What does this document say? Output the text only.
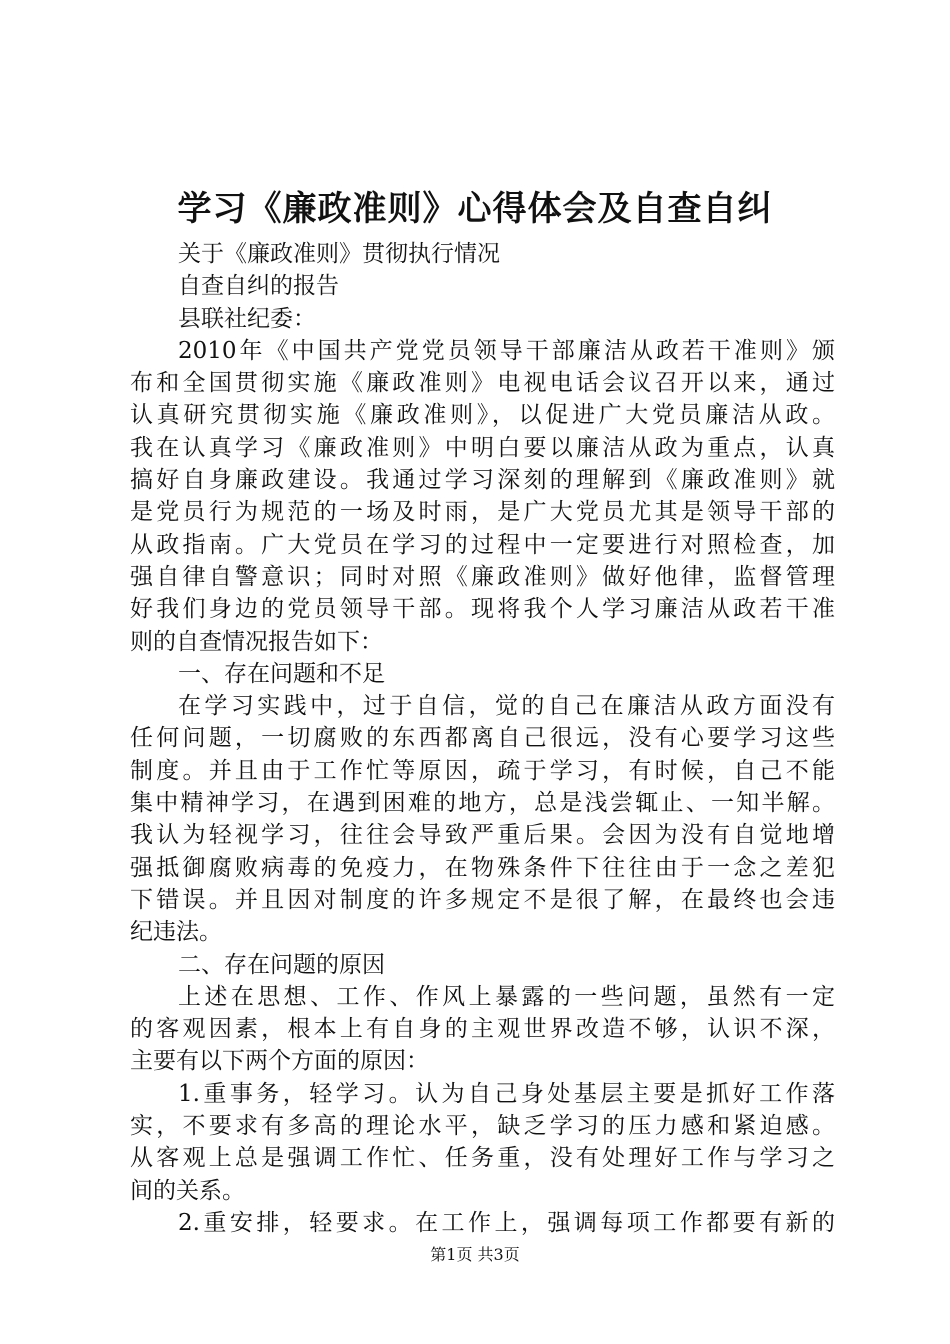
学习《廉政准则》心得体会及自查自纠
关于《廉政准则》贯彻执行情况
自查自纠的报告
县联社纪委：
2010年《中国共产党党员领导干部廉洁从政若干准则》颁
布和全国贯彻实施《廉政准则》电视电话会议召开以来，通过
认真研究贯彻实施《廉政准则》，以促进广大党员廉洁从政。
我在认真学习《廉政准则》中明白要以廉洁从政为重点，认真
搞好自身廉政建设。我通过学习深刻的理解到《廉政准则》就
是党员行为规范的一场及时雨，是广大党员尤其是领导干部的
从政指南。广大党员在学习的过程中一定要进行对照检查，加
强自律自警意识；同时对照《廉政准则》做好他律，监督管理
好我们身边的党员领导干部。现将我个人学习廉洁从政若干准
则的自查情况报告如下：
一、存在问题和不足
在学习实践中，过于自信，觉的自己在廉洁从政方面没有
任何问题，一切腐败的东西都离自己很远，没有心要学习这些
制度。并且由于工作忙等原因，疏于学习，有时候，自己不能
集中精神学习，在遇到困难的地方，总是浅尝辄止、一知半解。
我认为轻视学习，往往会导致严重后果。会因为没有自觉地增
强抵御腐败病毒的免疫力，在物殊条件下往往由于一念之差犯
下错误。并且因对制度的许多规定不是很了解，在最终也会违
纪违法。
二、存在问题的原因
上述在思想、工作、作风上暴露的一些问题，虽然有一定
的客观因素，根本上有自身的主观世界改造不够，认识不深，
主要有以下两个方面的原因：
1.重事务，轻学习。认为自己身处基层主要是抓好工作落
实，不要求有多高的理论水平，缺乏学习的压力感和紧迫感。
从客观上总是强调工作忙、任务重，没有处理好工作与学习之
间的关系。
2.重安排，轻要求。在工作上，强调每项工作都要有新的
第1页 共3页
